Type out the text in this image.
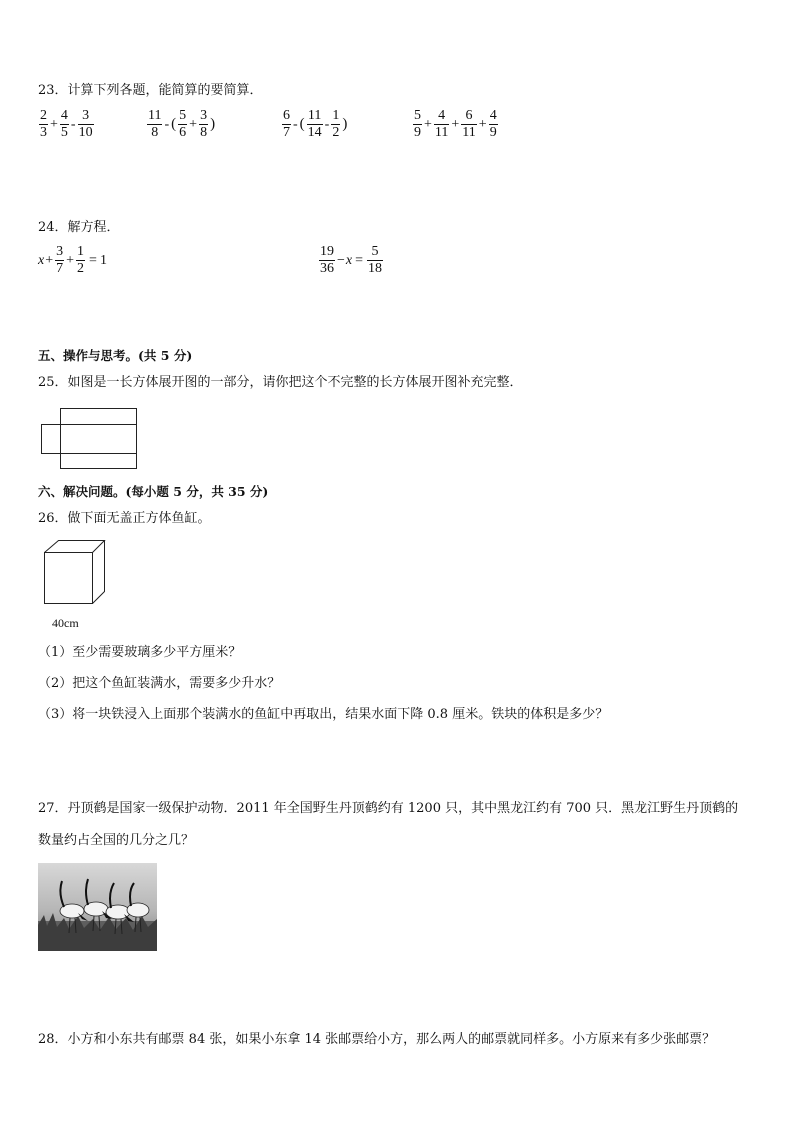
23．计算下列各题，能简算的要简算．
$\frac{2}{3} + \frac{4}{5} - \frac{3}{10}$	$\frac{11}{8}$ - ( $\frac{5}{6} + \frac{3}{8}$ )	$\frac{6}{7}$ - ( $\frac{11}{14} - \frac{1}{2}$ )	$\frac{5}{9} + \frac{4}{11} + \frac{6}{11} + \frac{4}{9}$
24．解方程．
$x + \frac{3}{7} + \frac{1}{2} = 1$	$\frac{19}{36} - x = \frac{5}{18}$
五、操作与思考。(共 5 分)
25．如图是一长方体展开图的一部分，请你把这个不完整的长方体展开图补充完整．
六、解决问题。(每小题 5 分，共 35 分)
26．做下面无盖正方体鱼缸。
40cm
（1）至少需要玻璃多少平方厘米？
（2）把这个鱼缸装满水，需要多少升水？
（3）将一块铁浸入上面那个装满水的鱼缸中再取出，结果水面下降 0.8 厘米。铁块的体积是多少？
27．丹顶鹤是国家一级保护动物．2011 年全国野生丹顶鹤约有 1200 只，其中黑龙江约有 700 只．黑龙江野生丹顶鹤的
数量约占全国的几分之几？
28．小方和小东共有邮票 84 张，如果小东拿 14 张邮票给小方，那么两人的邮票就同样多。小方原来有多少张邮票？
